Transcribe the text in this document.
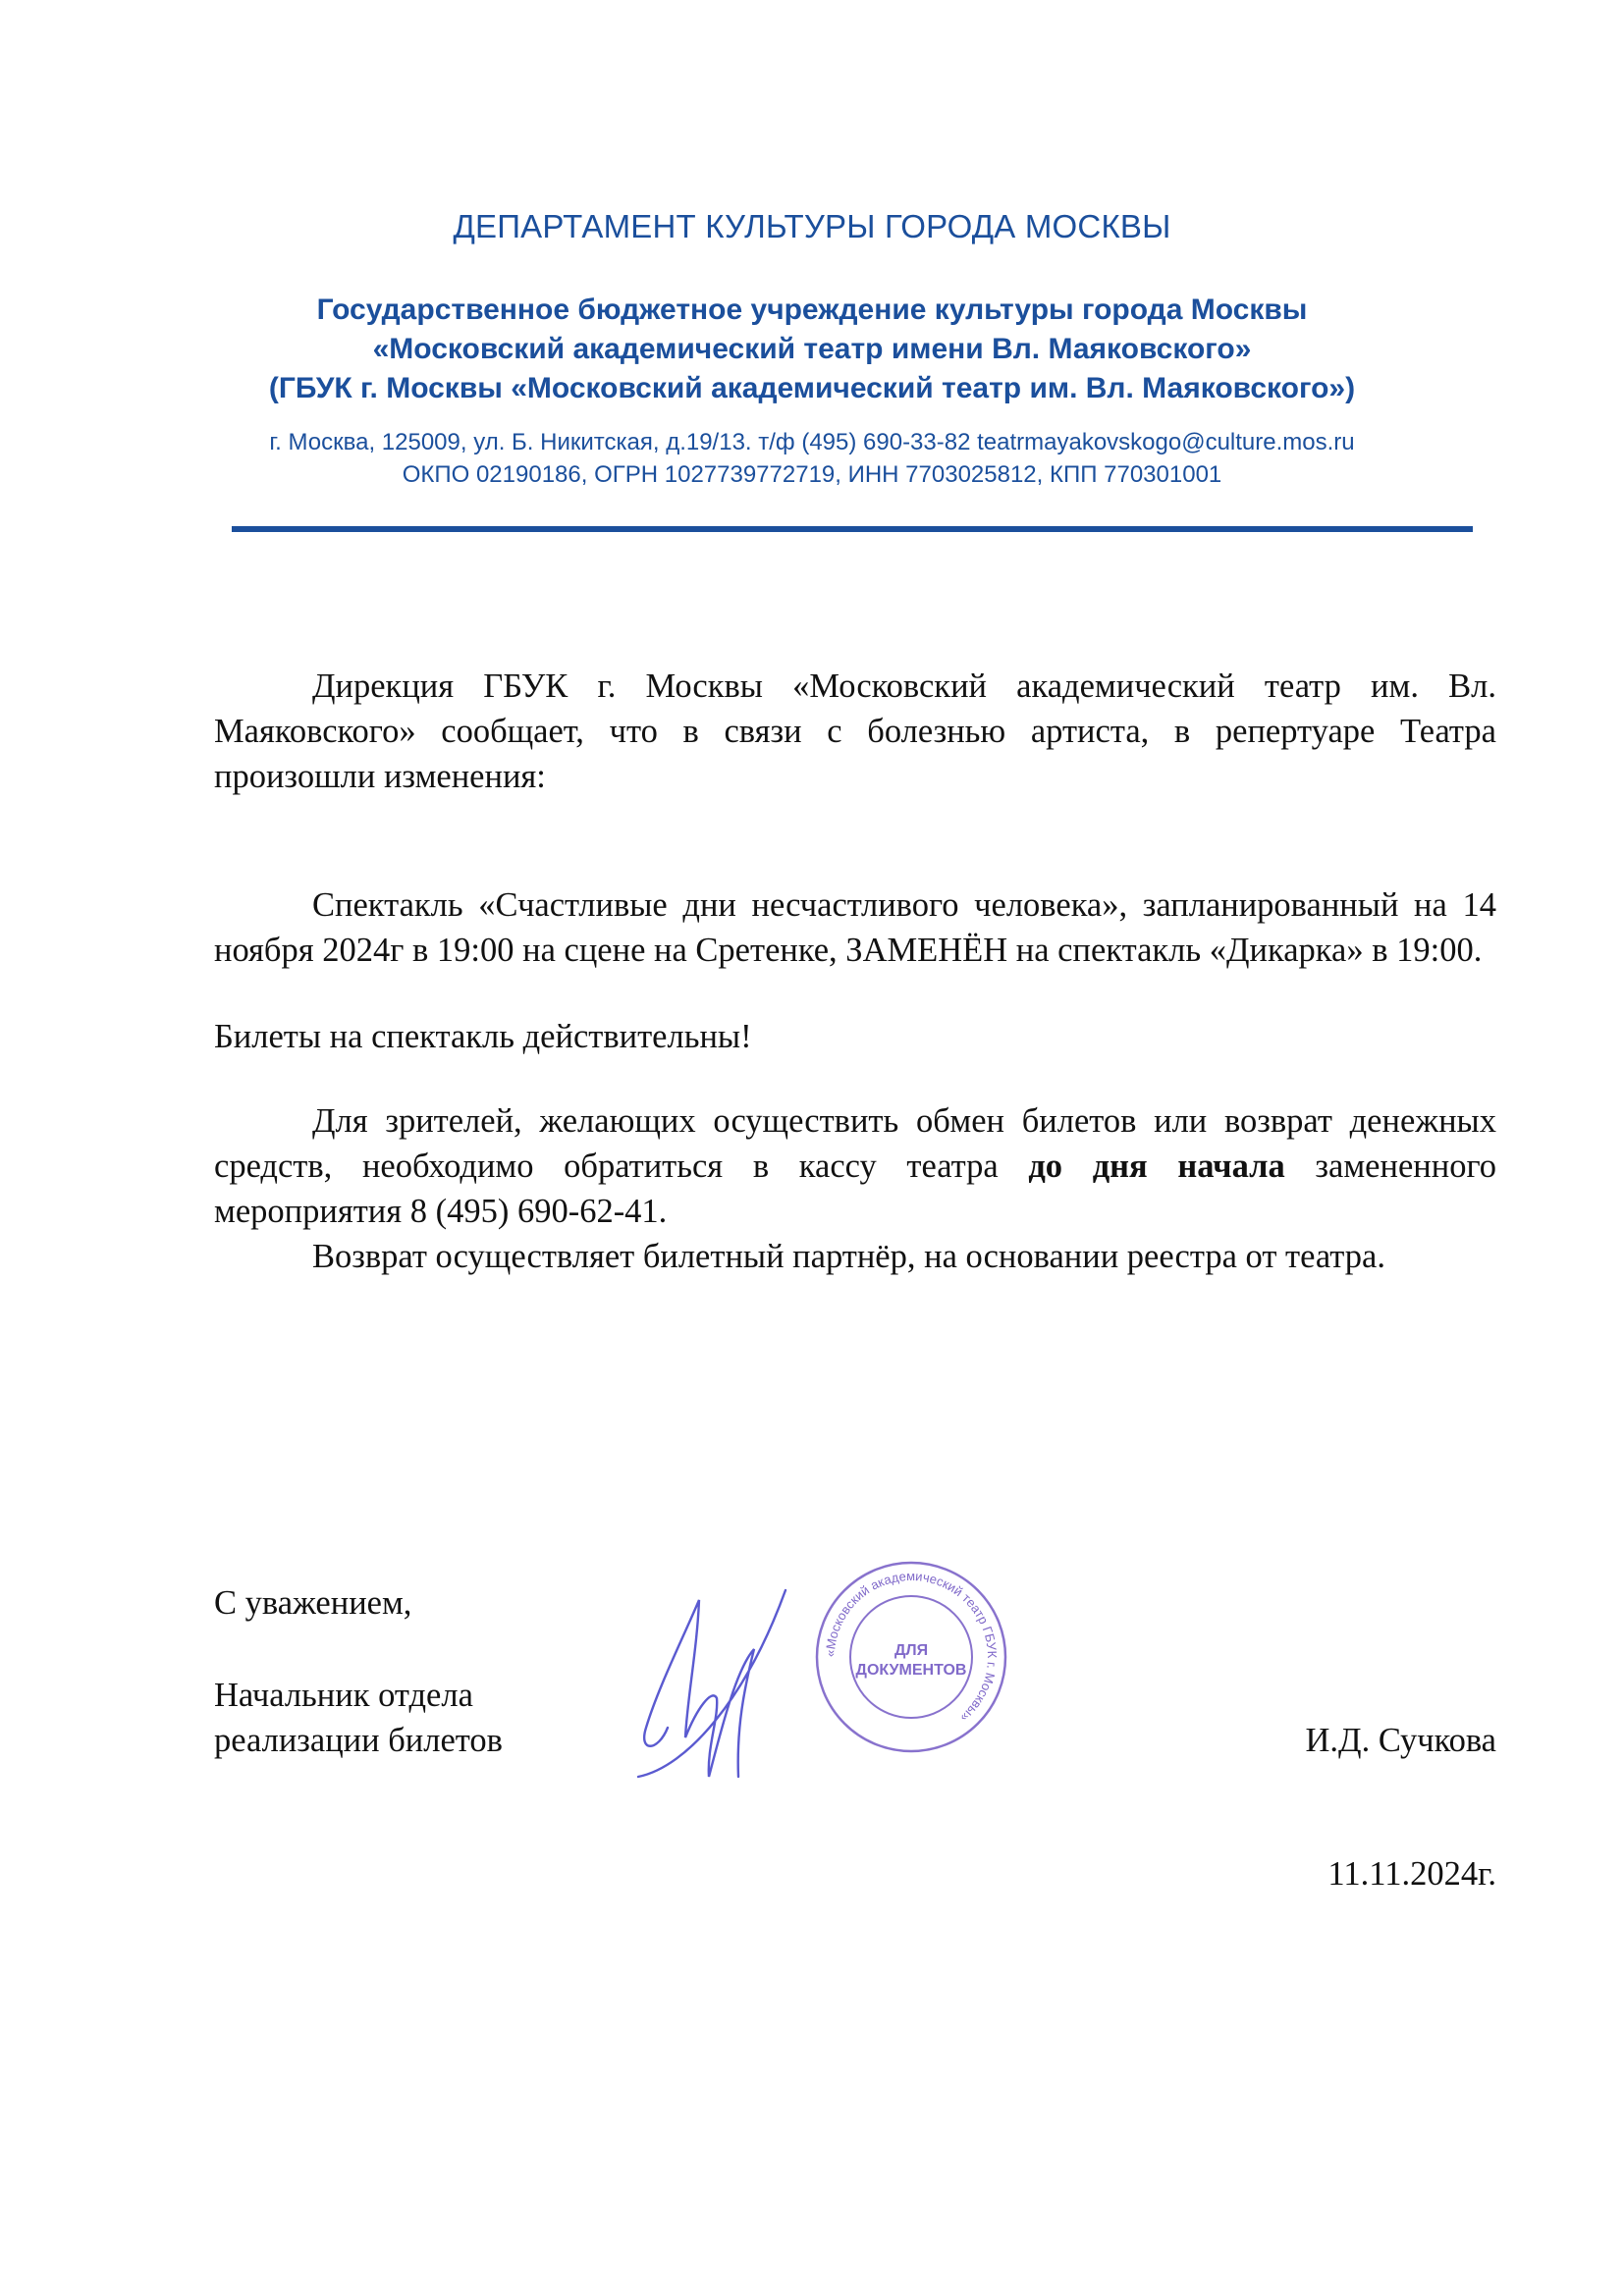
ДЕПАРТАМЕНТ КУЛЬТУРЫ ГОРОДА МОСКВЫ
Государственное бюджетное учреждение культуры города Москвы
«Московский академический театр имени Вл. Маяковского»
(ГБУК г. Москвы «Московский академический театр им. Вл. Маяковского»)
г. Москва, 125009, ул. Б. Никитская, д.19/13. т/ф (495) 690-33-82 teatrmayakovskogo@culture.mos.ru
ОКПО 02190186, ОГРН 1027739772719, ИНН 7703025812, КПП 770301001

Дирекция ГБУК г. Москвы «Московский академический театр им. Вл. Маяковского» сообщает, что в связи с болезнью артиста, в репертуаре Театра произошли изменения:

Спектакль «Счастливые дни несчастливого человека», запланированный на 14 ноября 2024г в 19:00 на сцене на Сретенке, ЗАМЕНЁН на спектакль «Дикарка» в 19:00.

Билеты на спектакль действительны!

Для зрителей, желающих осуществить обмен билетов или возврат денежных средств, необходимо обратиться в кассу театра до дня начала замененного мероприятия 8 (495) 690-62-41.

Возврат осуществляет билетный партнёр, на основании реестра от театра.

С уважением,
Начальник отдела
реализации билетов	И.Д. Сучкова
11.11.2024г.
«Московский академический театр ГБУК г. Москвы»
ДЛЯ
ДОКУМЕНТОВ
